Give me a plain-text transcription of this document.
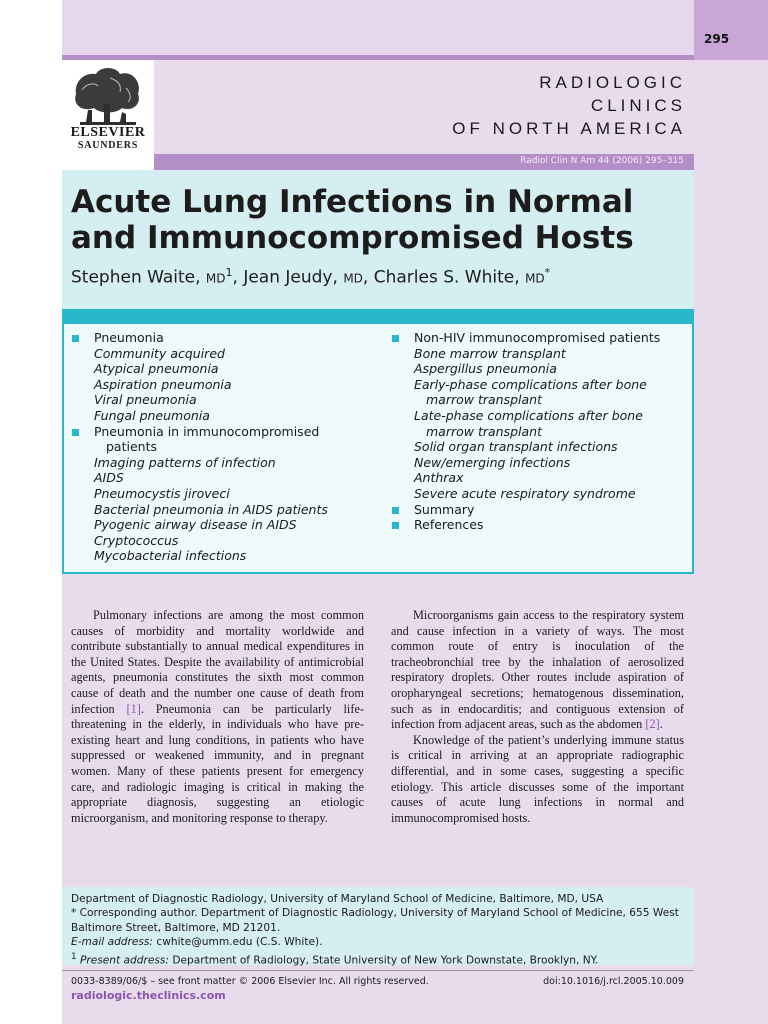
295
ELSEVIER
SAUNDERS
RADIOLOGIC
CLINICS
OF NORTH AMERICA
Radiol Clin N Am 44 (2006) 295–315
Acute Lung Infections in Normal and Immunocompromised Hosts
Stephen Waite, $MD^1$, Jean Jeudy, MD, Charles S. White, MD*
Pneumonia
Community acquired
Atypical pneumonia
Aspiration pneumonia
Viral pneumonia
Fungal pneumonia
Pneumonia in immunocompromised
patients
Imaging patterns of infection
AIDS
Pneumocystis jiroveci
Bacterial pneumonia in AIDS patients
Pyogenic airway disease in AIDS
Cryptococcus
Mycobacterial infections
Non-HIV immunocompromised patients
Bone marrow transplant
Aspergillus pneumonia
Early-phase complications after bone
marrow transplant
Late-phase complications after bone
marrow transplant
Solid organ transplant infections
New/emerging infections
Anthrax
Severe acute respiratory syndrome
Summary
References

Pulmonary infections are among the most common causes of morbidity and mortality worldwide and contribute substantially to annual medical expenditures in the United States. Despite the availability of antimicrobial agents, pneumonia constitutes the sixth most common cause of death and the number one cause of death from infection [1]. Pneumonia can be particularly life-threatening in the elderly, in individuals who have pre-existing heart and lung conditions, in patients who have suppressed or weakened immunity, and in pregnant women. Many of these patients present for emergency care, and radiologic imaging is critical in making the appropriate diagnosis, suggesting an etiologic microorganism, and monitoring response to therapy.

Microorganisms gain access to the respiratory system and cause infection in a variety of ways. The most common route of entry is inoculation of the tracheobronchial tree by the inhalation of aerosolized respiratory droplets. Other routes include aspiration of oropharyngeal secretions; hematogenous dissemination, such as in endocarditis; and contiguous extension of infection from adjacent areas, such as the abdomen [2].

Knowledge of the patient’s underlying immune status is critical in arriving at an appropriate radiographic differential, and in some cases, suggesting a specific etiology. This article discusses some of the important causes of acute lung infections in normal and immunocompromised hosts.

Department of Diagnostic Radiology, University of Maryland School of Medicine, Baltimore, MD, USA
* Corresponding author. Department of Diagnostic Radiology, University of Maryland School of Medicine, 655 West Baltimore Street, Baltimore, MD 21201.
E-mail address: cwhite@umm.edu (C.S. White).
$^1$ Present address: Department of Radiology, State University of New York Downstate, Brooklyn, NY.
0033-8389/06/$ – see front matter © 2006 Elsevier Inc. All rights reserved.	doi:10.1016/j.rcl.2005.10.009
radiologic.theclinics.com
